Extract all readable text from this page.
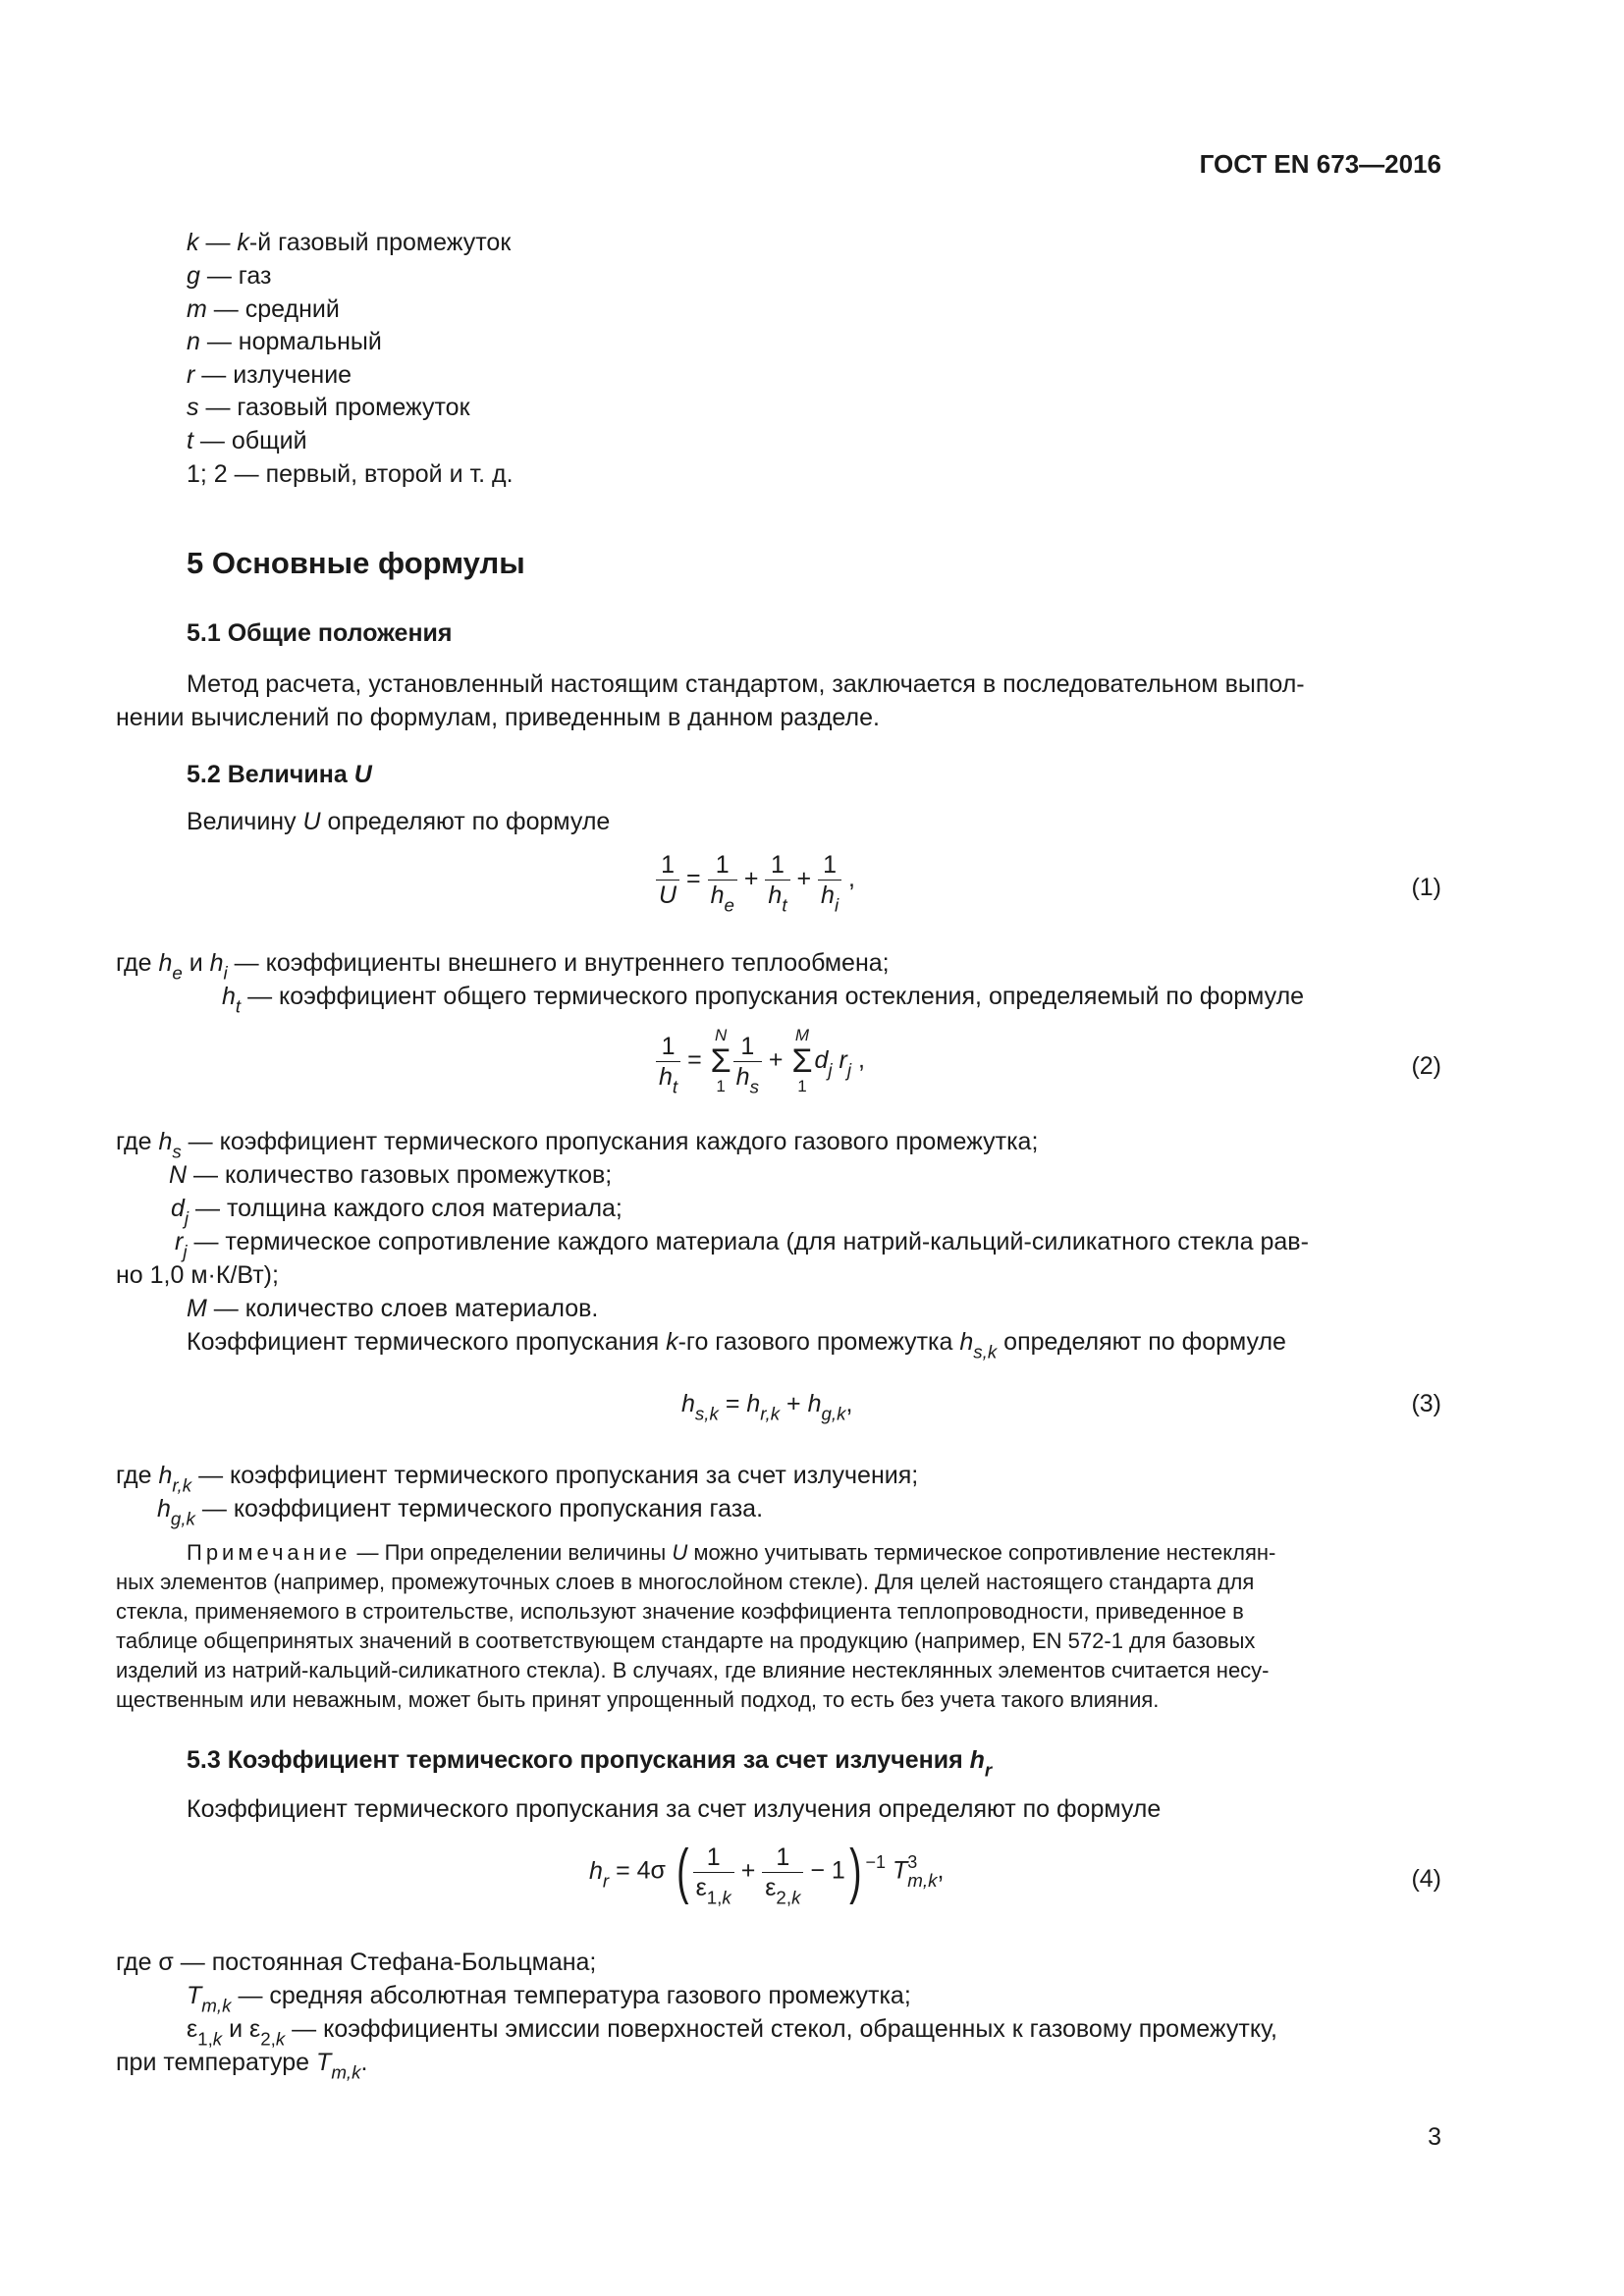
ГОСТ EN 673—2016
k — k-й газовый промежуток
g — газ
m — средний
n — нормальный
r — излучение
s — газовый промежуток
t — общий
1; 2 — первый, второй и т. д.
5 Основные формулы
5.1 Общие положения
Метод расчета, установленный настоящим стандартом, заключается в последовательном выпол-
нении вычислений по формулам, приведенным в данном разделе.
5.2 Величина U
Величину U определяют по формуле
$\frac{1}{U} = \frac{1}{h_e} + \frac{1}{h_t} + \frac{1}{h_i}$ ,	(1)
где $h_e$ и $h_i$ — коэффициенты внешнего и внутреннего теплообмена;
$h_t$ — коэффициент общего термического пропускания остекления, определяемый по формуле
$\frac{1}{h_t}$ =
N
Σ
$1 \frac{1}{h_s}$ +
M
Σ
1
$d_j$ $r_j$ ,	(2)
где $h_s$ — коэффициент термического пропускания каждого газового промежутка;
N — количество газовых промежутков;
$d_j$ — толщина каждого слоя материала;
$r_j$ — термическое сопротивление каждого материала (для натрий-кальций-силикатного стекла рав-
но 1,0 м·К/Вт);
M — количество слоев материалов.
Коэффициент термического пропускания k-го газового промежутка $h_{s,k}$ определяют по формуле
$h_{s,k} = h_{r,k} + h_{g,k}$,	(3)
где $h_{r,k}$ — коэффициент термического пропускания за счет излучения;
$h_{g,k}$ — коэффициент термического пропускания газа.
Примечание — При определении величины U можно учитывать термическое сопротивление нестеклян-
ных элементов (например, промежуточных слоев в многослойном стекле). Для целей настоящего стандарта для
стекла, применяемого в строительстве, используют значение коэффициента теплопроводности, приведенное в
таблице общепринятых значений в соответствующем стандарте на продукцию (например, EN 572-1 для базовых
изделий из натрий-кальций-силикатного стекла). В случаях, где влияние нестеклянных элементов считается несу-
щественным или неважным, может быть принят упрощенный подход, то есть без учета такого влияния.
5.3 Коэффициент термического пропускания за счет излучения $h_r$
Коэффициент термического пропускания за счет излучения определяют по формуле
$h_r = 4\sigma$ ( $\frac{1}{\varepsilon_{1,k}} + \frac{1}{\varepsilon_{2,k}} - 1$) $^{-1}$ $T^3_{m,k}$,	(4)
где σ — постоянная Стефана-Больцмана;
$T_{m,k}$ — средняя абсолютная температура газового промежутка;
$\varepsilon_{1,k}$ и $\varepsilon_{2,k}$ — коэффициенты эмиссии поверхностей стекол, обращенных к газовому промежутку,
при температуре $T_{m,k}$.
3
